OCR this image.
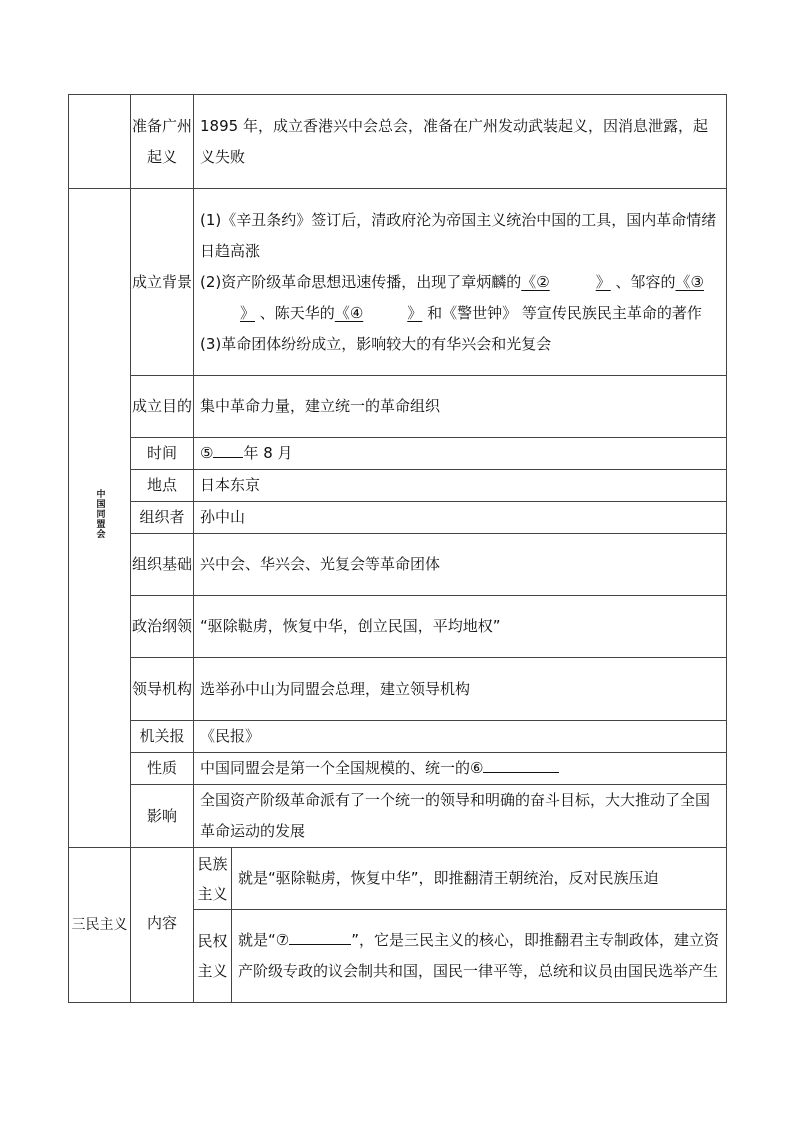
	准备广州起义	1895 年，成立香港兴中会总会，准备在广州发动武装起义，因消息泄露，起义失败	
中国同盟会	成立背景	(1)《辛丑条约》签订后，清政府沦为帝国主义统治中国的工具，国内革命情绪日趋高涨
(2)资产阶级革命思想迅速传播，出现了章炳麟的《② 》 、邹容的《③》 、陈天华的《④ 》 和《警世钟》 等宣传民族民主革命的著作
(3)革命团体纷纷成立，影响较大的有华兴会和光复会	

	成立目的	集中革命力量，建立统一的革命组织	
	时间	⑤ 年 8 月	
	地点	日本东京	
	组织者	孙中山	
	组织基础	兴中会、华兴会、光复会等革命团体	
	政治纲领	“驱除鞑虏，恢复中华，创立民国，平均地权”	
	领导机构	选举孙中山为同盟会总理，建立领导机构	
	机关报	《民报》	
	性质	中国同盟会是第一个全国规模的、统一的⑥	
	影响	全国资产阶级革命派有了一个统一的领导和明确的奋斗目标，大大推动了全国革命运动的发展	
三民主义	内容	民族主义	就是“驱除鞑虏，恢复中华”，即推翻清王朝统治，反对民族压迫
		民权主义	就是“⑦ ”，它是三民主义的核心，即推翻君主专制政体，建立资产阶级专政的议会制共和国，国民一律平等，总统和议员由国民选举产生
